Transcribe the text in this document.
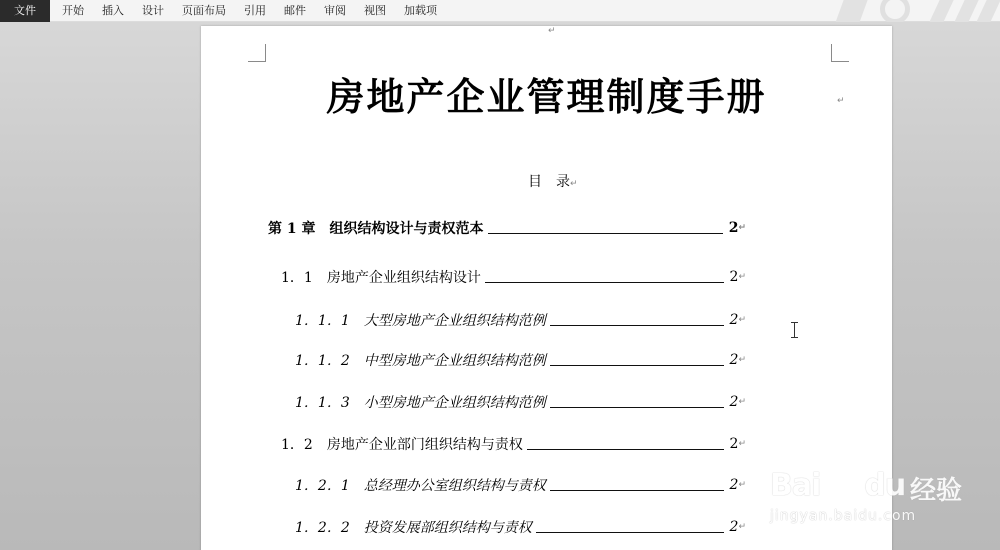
文件	开始	插入	设计	页面布局	引用	邮件	审阅	视图	加载项
↵
房地产企业管理制度手册	↵
目　录↵
第 1 章　 组织结构设计与责权范本	2 ↵
1．1　 房地产企业组织结构设计	2 ↵
1．1．1　 大型房地产企业组织结构范例	2 ↵
1．1．2　 中型房地产企业组织结构范例	2 ↵
1．1．3　 小型房地产企业组织结构范例	2 ↵
1．2　 房地产企业部门组织结构与责权	2 ↵
1．2．1　 总经理办公室组织结构与责权	2 ↵
1．2．2　 投资发展部组织结构与责权	2 ↵
Bai du 经验
jingyan.baidu.com
